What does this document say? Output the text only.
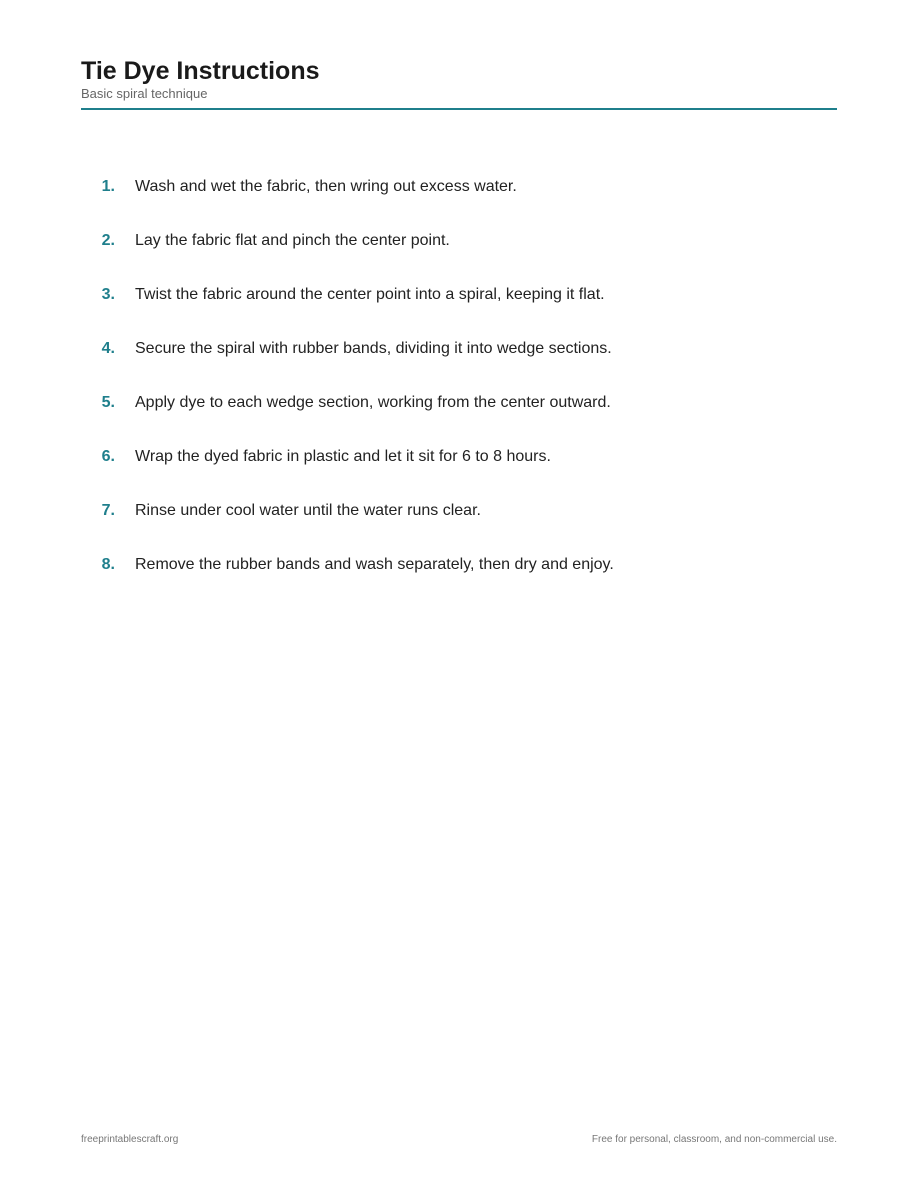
Tie Dye Instructions

Basic spiral technique

1.	Wash and wet the fabric, then wring out excess water.
2.	Lay the fabric flat and pinch the center point.
3.	Twist the fabric around the center point into a spiral, keeping it flat.
4.	Secure the spiral with rubber bands, dividing it into wedge sections.
5.	Apply dye to each wedge section, working from the center outward.
6.	Wrap the dyed fabric in plastic and let it sit for 6 to 8 hours.
7.	Rinse under cool water until the water runs clear.
8.	Remove the rubber bands and wash separately, then dry and enjoy.
freeprintablescraft.org	Free for personal, classroom, and non-commercial use.
